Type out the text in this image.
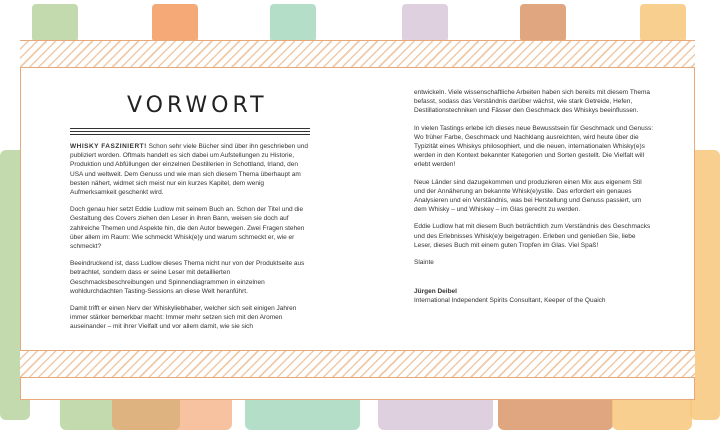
VORWORT

WHISKY FASZINIERT! Schon sehr viele Bücher sind über ihn geschrieben und publiziert worden. Oftmals handelt es sich dabei um Aufstellungen zu Historie, Produktion und Abfüllungen der einzelnen Destillerien in Schottland, Irland, den USA und weltweit. Dem Genuss und wie man sich diesem Thema überhaupt am besten nähert, widmet sich meist nur ein kurzes Kapitel, dem wenig Aufmerksamkeit geschenkt wird.

Doch genau hier setzt Eddie Ludlow mit seinem Buch an. Schon der Titel und die Gestaltung des Covers ziehen den Leser in ihren Bann, weisen sie doch auf zahlreiche Themen und Aspekte hin, die den Autor bewegen. Zwei Fragen stehen über allem im Raum: Wie schmeckt Whisk(e)y und warum schmeckt er, wie er schmeckt?

Beeindruckend ist, dass Ludlow dieses Thema nicht nur von der Produktseite aus betrachtet, sondern dass er seine Leser mit detaillierten Geschmacksbeschreibungen und Spinnendiagrammen in einzelnen wohldurchdachten Tasting-Sessions an diese Welt heranführt.

Damit trifft er einen Nerv der Whiskyliebhaber, welcher sich seit einigen Jahren immer stärker bemerkbar macht: Immer mehr setzen sich mit den Aromen auseinander – mit ihrer Vielfalt und vor allem damit, wie sie sich

entwickeln. Viele wissenschaftliche Arbeiten haben sich bereits mit diesem Thema befasst, sodass das Verständnis darüber wächst, wie stark Getreide, Hefen, Destillationstechniken und Fässer den Geschmack des Whiskys beeinflussen.

In vielen Tastings erlebe ich dieses neue Bewusstsein für Geschmack und Genuss: Wo früher Farbe, Geschmack und Nachklang ausreichten, wird heute über die Typizität eines Whiskys philosophiert, und die neuen, internationalen Whisky(e)s werden in den Kontext bekannter Kategorien und Sorten gestellt. Die Vielfalt will erlebt werden!

Neue Länder sind dazugekommen und produzieren einen Mix aus eigenem Stil und der Annäherung an bekannte Whisk(e)ystile. Das erfordert ein genaues Analysieren und ein Verständnis, was bei Herstellung und Genuss passiert, um dem Whisky – und Whiskey – im Glas gerecht zu werden.

Eddie Ludlow hat mit diesem Buch beträchtlich zum Verständnis des Geschmacks und des Erlebnisses Whisk(e)y beigetragen. Erleben und genießen Sie, liebe Leser, dieses Buch mit einem guten Tropfen im Glas. Viel Spaß!

Slainte

Jürgen Deibel
International Independent Spirits Consultant, Keeper of the Quaich
